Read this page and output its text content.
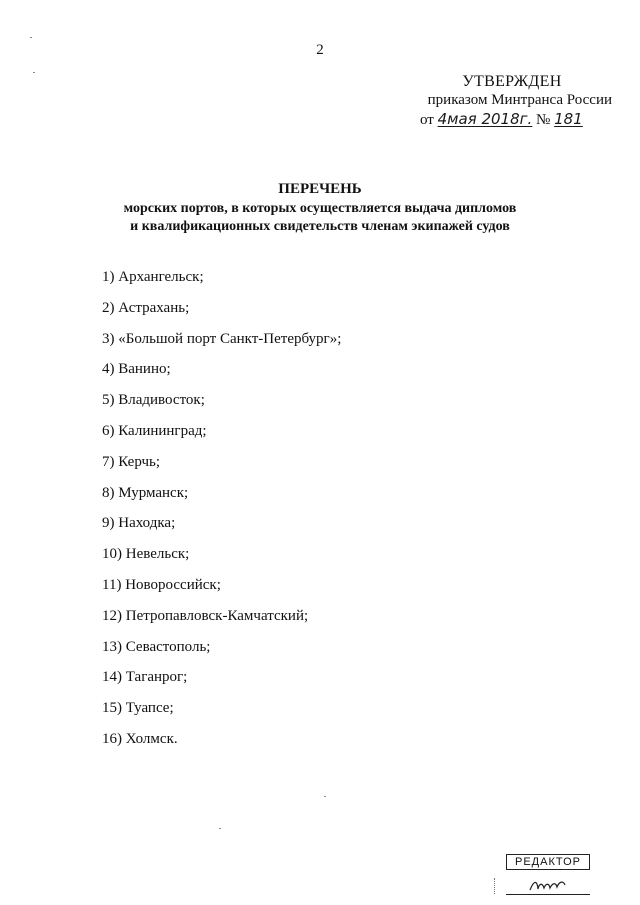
2
УТВЕРЖДЕН
приказом Минтранса России
от 4мая 2018г. № 181
ПЕРЕЧЕНЬ
морских портов, в которых осуществляется выдача дипломов
и квалификационных свидетельств членам экипажей судов
1) Архангельск;
2) Астрахань;
3) «Большой порт Санкт-Петербург»;
4) Ванино;
5) Владивосток;
6) Калининград;
7) Керчь;
8) Мурманск;
9) Находка;
10) Невельск;
11) Новороссийск;
12) Петропавловск-Камчатский;
13) Севастополь;
14) Таганрог;
15) Туапсе;
16) Холмск.
РЕДАКТОР
